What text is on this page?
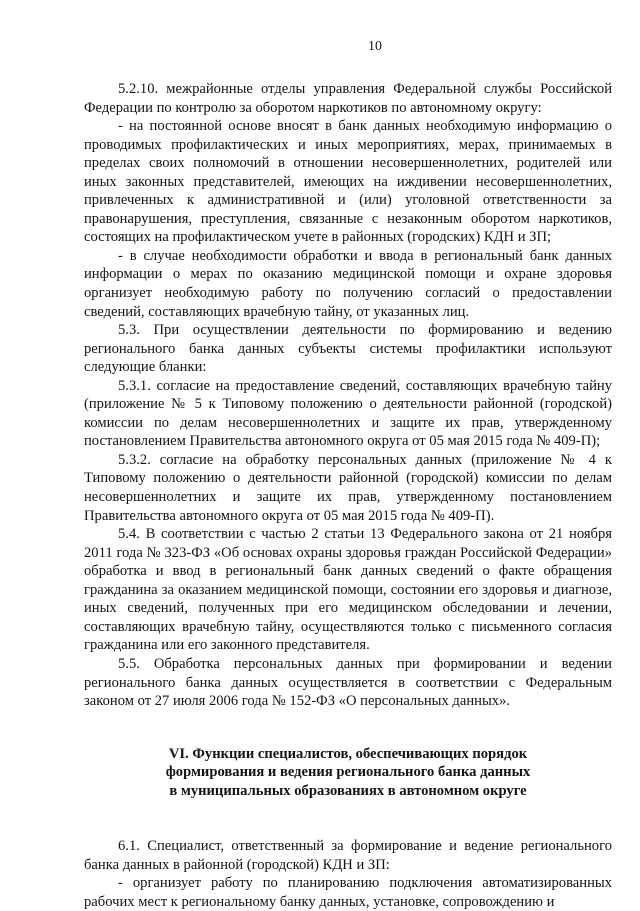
10

5.2.10. межрайонные отделы управления Федеральной службы Российской Федерации по контролю за оборотом наркотиков по автономному округу:

- на постоянной основе вносят в банк данных необходимую информацию о проводимых профилактических и иных мероприятиях, мерах, принимаемых в пределах своих полномочий в отношении несовершеннолетних, родителей или иных законных представителей, имеющих на иждивении несовершеннолетних, привлеченных к административной и (или) уголовной ответственности за правонарушения, преступления, связанные с незаконным оборотом наркотиков, состоящих на профилактическом учете в районных (городских) КДН и ЗП;

- в случае необходимости обработки и ввода в региональный банк данных информации о мерах по оказанию медицинской помощи и охране здоровья организует необходимую работу по получению согласий о предоставлении сведений, составляющих врачебную тайну, от указанных лиц.

5.3. При осуществлении деятельности по формированию и ведению регионального банка данных субъекты системы профилактики используют следующие бланки:

5.3.1. согласие на предоставление сведений, составляющих врачебную тайну (приложение № 5 к Типовому положению о деятельности районной (городской) комиссии по делам несовершеннолетних и защите их прав, утвержденному постановлением Правительства автономного округа от 05 мая 2015 года № 409-П);

5.3.2. согласие на обработку персональных данных (приложение № 4 к Типовому положению о деятельности районной (городской) комиссии по делам несовершеннолетних и защите их прав, утвержденному постановлением Правительства автономного округа от 05 мая 2015 года № 409-П).

5.4. В соответствии с частью 2 статьи 13 Федерального закона от 21 ноября 2011 года № 323-ФЗ «Об основах охраны здоровья граждан Российской Федерации» обработка и ввод в региональный банк данных сведений о факте обращения гражданина за оказанием медицинской помощи, состоянии его здоровья и диагнозе, иных сведений, полученных при его медицинском обследовании и лечении, составляющих врачебную тайну, осуществляются только с письменного согласия гражданина или его законного представителя.

5.5. Обработка персональных данных при формировании и ведении регионального банка данных осуществляется в соответствии с Федеральным законом от 27 июля 2006 года № 152-ФЗ «О персональных данных».

VI. Функции специалистов, обеспечивающих порядок
формирования и ведения регионального банка данных
в муниципальных образованиях в автономном округе

6.1. Специалист, ответственный за формирование и ведение регионального банка данных в районной (городской) КДН и ЗП:

- организует работу по планированию подключения автоматизированных рабочих мест к региональному банку данных, установке, сопровождению и
